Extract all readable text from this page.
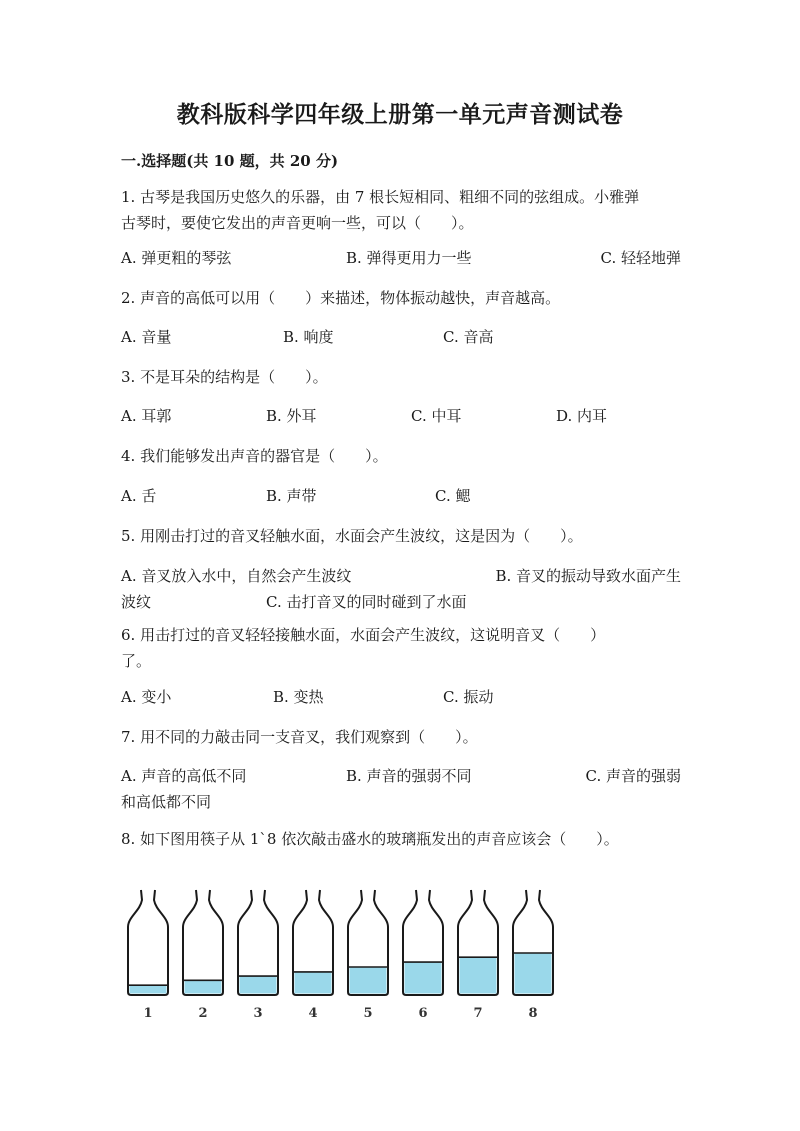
教科版科学四年级上册第一单元声音测试卷
一.选择题(共 10 题，共 20 分)
1. 古琴是我国历史悠久的乐器，由 7 根长短相同、粗细不同的弦组成。小雅弹
古琴时，要使它发出的声音更响一些，可以（　　）。
A. 弹更粗的琴弦	B. 弹得更用力一些	C. 轻轻地弹
2. 声音的高低可以用（　　）来描述，物体振动越快，声音越高。
A. 音量	B. 响度	C. 音高
3. 不是耳朵的结构是（　　）。
A. 耳郭	B. 外耳	C. 中耳	D. 内耳
4. 我们能够发出声音的器官是（　　）。
A. 舌	B. 声带	C. 鳃
5. 用刚击打过的音叉轻触水面，水面会产生波纹，这是因为（　　）。
A. 音叉放入水中，自然会产生波纹	B. 音叉的振动导致水面产生
波纹	C. 击打音叉的同时碰到了水面
6. 用击打过的音叉轻轻接触水面，水面会产生波纹，这说明音叉（　　）
了。
A. 变小	B. 变热	C. 振动
7. 用不同的力敲击同一支音叉，我们观察到（　　）。
A. 声音的高低不同	B. 声音的强弱不同	C. 声音的强弱
和高低都不同
8. 如下图用筷子从 1`8 依次敲击盛水的玻璃瓶发出的声音应该会（　　）。
1	2	3	4	5	6	7	8
